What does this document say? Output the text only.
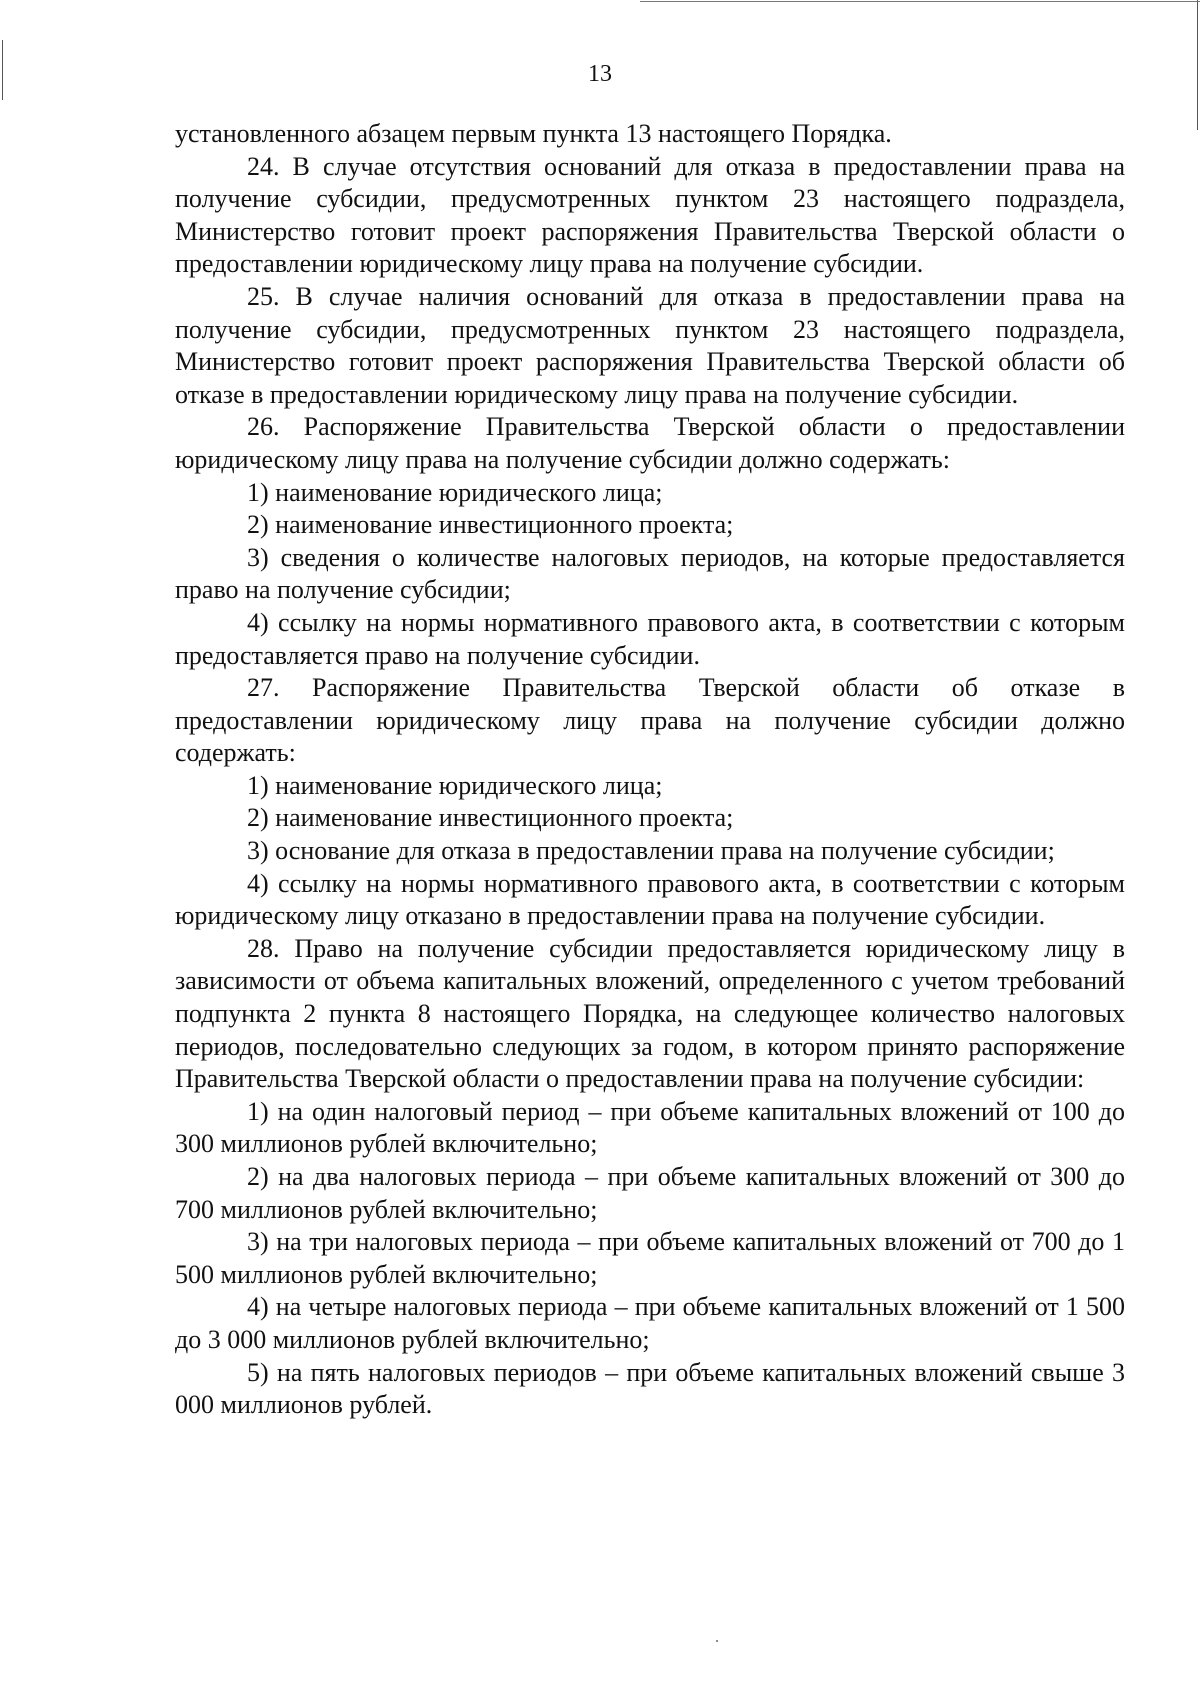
13

установленного абзацем первым пункта 13 настоящего Порядка.

24. В случае отсутствия оснований для отказа в предоставлении права на получение субсидии, предусмотренных пунктом 23 настоящего подраздела, Министерство готовит проект распоряжения Правительства Тверской области о предоставлении юридическому лицу права на получение субсидии.

25. В случае наличия оснований для отказа в предоставлении права на получение субсидии, предусмотренных пунктом 23 настоящего подраздела, Министерство готовит проект распоряжения Правительства Тверской области об отказе в предоставлении юридическому лицу права на получение субсидии.

26. Распоряжение Правительства Тверской области о предоставлении юридическому лицу права на получение субсидии должно содержать:

1) наименование юридического лица;

2) наименование инвестиционного проекта;

3) сведения о количестве налоговых периодов, на которые предоставляется право на получение субсидии;

4) ссылку на нормы нормативного правового акта, в соответствии с которым предоставляется право на получение субсидии.

27. Распоряжение Правительства Тверской области об отказе в предоставлении юридическому лицу права на получение субсидии должно содержать:

1) наименование юридического лица;

2) наименование инвестиционного проекта;

3) основание для отказа в предоставлении права на получение субсидии;

4) ссылку на нормы нормативного правового акта, в соответствии с которым юридическому лицу отказано в предоставлении права на получение субсидии.

28. Право на получение субсидии предоставляется юридическому лицу в зависимости от объема капитальных вложений, определенного с учетом требований подпункта 2 пункта 8 настоящего Порядка, на следующее количество налоговых периодов, последовательно следующих за годом, в котором принято распоряжение Правительства Тверской области о предоставлении права на получение субсидии:

1) на один налоговый период – при объеме капитальных вложений от 100 до 300 миллионов рублей включительно;

2) на два налоговых периода – при объеме капитальных вложений от 300 до 700 миллионов рублей включительно;

3) на три налоговых периода – при объеме капитальных вложений от 700 до 1 500 миллионов рублей включительно;

4) на четыре налоговых периода – при объеме капитальных вложений от 1 500 до 3 000 миллионов рублей включительно;

5) на пять налоговых периодов – при объеме капитальных вложений свыше 3 000 миллионов рублей.
